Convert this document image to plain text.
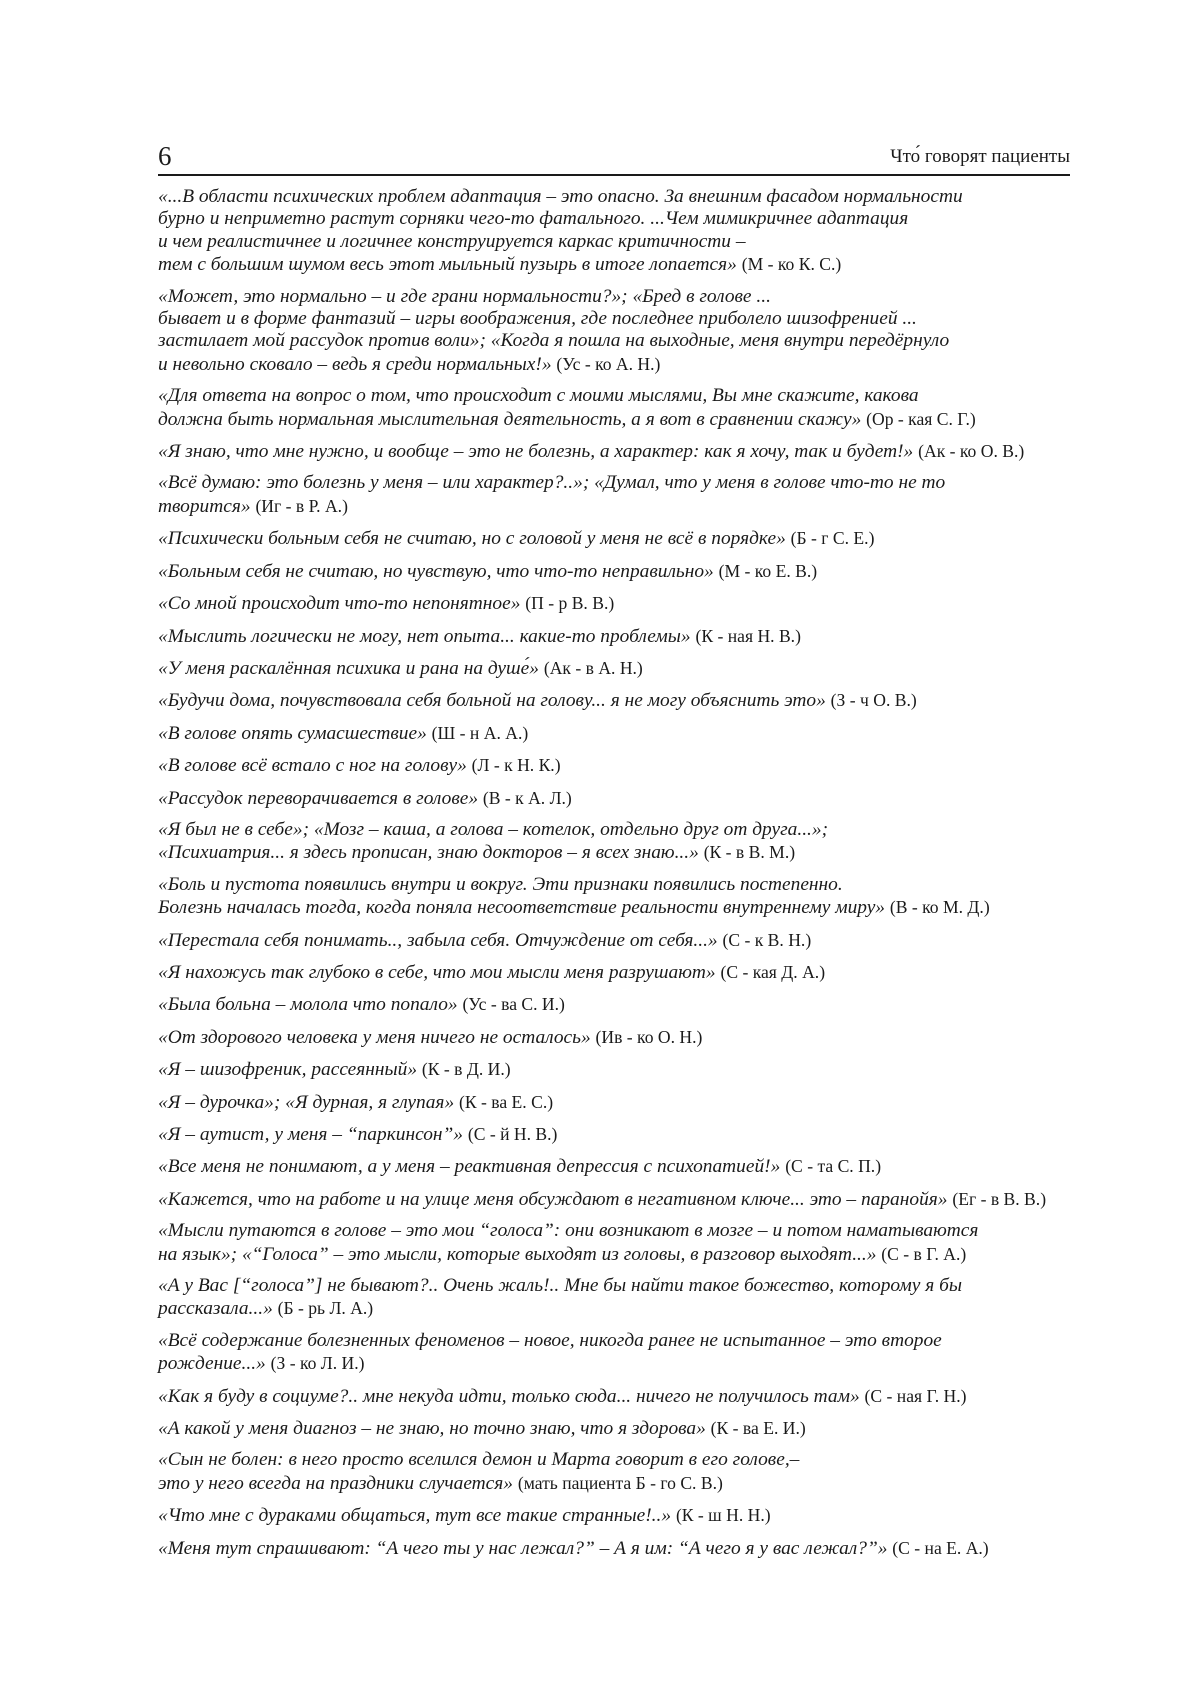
6	Что́ говорят пациенты
«...В области психических проблем адаптация – это опасно. За внешним фасадом нормальности
бурно и неприметно растут сорняки чего-то фатального. ...Чем мимикричнее адаптация
и чем реалистичнее и логичнее конструируется каркас критичности –
тем с большим шумом весь этот мыльный пузырь в итоге лопается» (М - ко К. С.)
«Может, это нормально – и где грани нормальности?»; «Бред в голове ...
бывает и в форме фантазий – игры воображения, где последнее приболело шизофренией ...
застилает мой рассудок против воли»; «Когда я пошла на выходные, меня внутри передёрнуло
и невольно сковало – ведь я среди нормальных!» (Ус - ко А. Н.)
«Для ответа на вопрос о том, что происходит с моими мыслями, Вы мне скажите, какова
должна быть нормальная мыслительная деятельность, а я вот в сравнении скажу» (Ор - кая С. Г.)
«Я знаю, что мне нужно, и вообще – это не болезнь, а характер: как я хочу, так и будет!» (Ак - ко О. В.)
«Всё думаю: это болезнь у меня – или характер?..»; «Думал, что у меня в голове что-то не то
творится» (Иг - в Р. А.)
«Психически больным себя не считаю, но с головой у меня не всё в порядке» (Б - г С. Е.)
«Больным себя не считаю, но чувствую, что что-то неправильно» (М - ко Е. В.)
«Со мной происходит что-то непонятное» (П - р В. В.)
«Мыслить логически не могу, нет опыта... какие-то проблемы» (К - ная Н. В.)
«У меня раскалённая психика и рана на душе́» (Ак - в А. Н.)
«Будучи дома, почувствовала себя больной на голову... я не могу объяснить это» (З - ч О. В.)
«В голове опять сумасшествие» (Ш - н А. А.)
«В голове всё встало с ног на голову» (Л - к Н. К.)
«Рассудок переворачивается в голове» (В - к А. Л.)
«Я был не в себе»; «Мозг – каша, а голова – котелок, отдельно друг от друга...»;
«Психиатрия... я здесь прописан, знаю докторов – я всех знаю...» (К - в В. М.)
«Боль и пустота появились внутри и вокруг. Эти признаки появились постепенно.
Болезнь началась тогда, когда поняла несоответствие реальности внутреннему миру» (В - ко М. Д.)
«Перестала себя понимать.., забыла себя. Отчуждение от себя...» (С - к В. Н.)
«Я нахожусь так глубоко в себе, что мои мысли меня разрушают» (С - кая Д. А.)
«Была больна – молола что попало» (Ус - ва С. И.)
«От здорового человека у меня ничего не осталось» (Ив - ко О. Н.)
«Я – шизофреник, рассеянный» (К - в Д. И.)
«Я – дурочка»; «Я дурная, я глупая» (К - ва Е. С.)
«Я – аутист, у меня – “паркинсон”» (С - й Н. В.)
«Все меня не понимают, а у меня – реактивная депрессия с психопатией!» (С - та С. П.)
«Кажется, что на работе и на улице меня обсуждают в негативном ключе... это – паранойя» (Ег - в В. В.)
«Мысли путаются в голове – это мои “голоса”: они возникают в мозге – и потом наматываются
на язык»; «“Голоса” – это мысли, которые выходят из головы, в разговор выходят...» (С - в Г. А.)
«А у Вас [“голоса”] не бывают?.. Очень жаль!.. Мне бы найти такое божество, которому я бы
рассказала...» (Б - рь Л. А.)
«Всё содержание болезненных феноменов – новое, никогда ранее не испытанное – это второе
рождение...» (З - ко Л. И.)
«Как я буду в социуме?.. мне некуда идти, только сюда... ничего не получилось там» (С - ная Г. Н.)
«А какой у меня диагноз – не знаю, но точно знаю, что я здорова» (К - ва Е. И.)
«Сын не болен: в него просто вселился демон и Марта говорит в его голове,–
это у него всегда на праздники случается» (мать пациента Б - го С. В.)
«Что мне с дураками общаться, тут все такие странные!..» (К - ш Н. Н.)
«Меня тут спрашивают: “А чего ты у нас лежал?” – А я им: “А чего я у вас лежал?”» (С - на Е. А.)
